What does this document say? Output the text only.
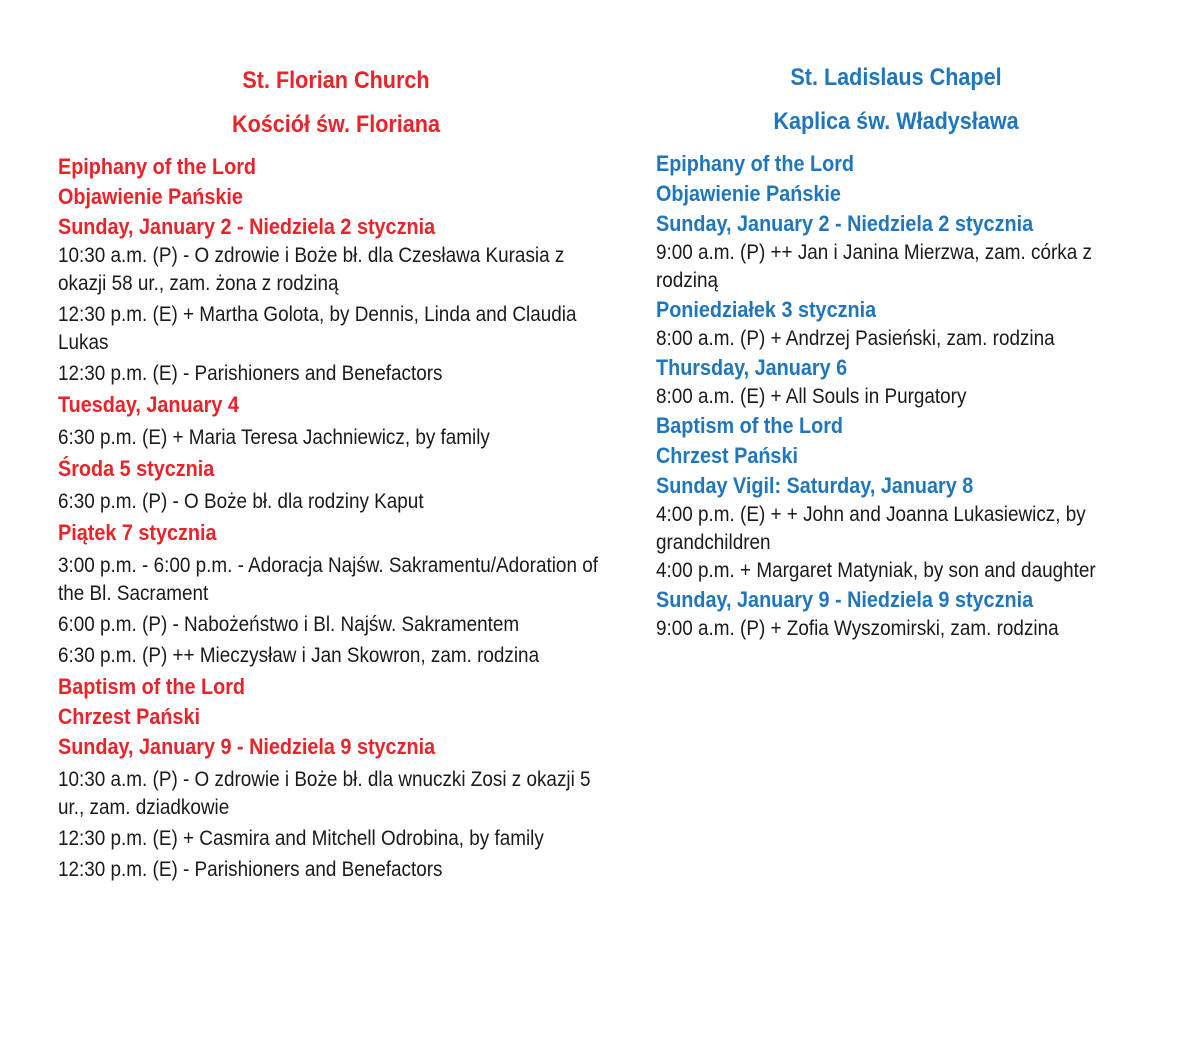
St. Florian Church
Kościół św. Floriana
Epiphany of the Lord
Objawienie Pańskie
Sunday, January 2 - Niedziela 2 stycznia
10:30 a.m. (P) - O zdrowie i Boże bł. dla Czesława Kurasia z okazji 58 ur., zam. żona z rodziną
12:30 p.m. (E) + Martha Golota, by Dennis, Linda and Claudia Lukas
12:30 p.m. (E) - Parishioners and Benefactors
Tuesday, January 4
6:30 p.m. (E) + Maria Teresa Jachniewicz, by family
Środa 5 stycznia
6:30 p.m. (P) - O Boże bł. dla rodziny Kaput
Piątek 7 stycznia
3:00 p.m. - 6:00 p.m. - Adoracja Najśw. Sakramentu/Adoration of the Bl. Sacrament
6:00 p.m. (P) - Nabożeństwo i Bl. Najśw. Sakramentem
6:30 p.m. (P) ++ Mieczysław i Jan Skowron, zam. rodzina
Baptism of the Lord
Chrzest Pański
Sunday, January 9 - Niedziela 9 stycznia
10:30 a.m. (P) - O zdrowie i Boże bł. dla wnuczki Zosi z okazji 5 ur., zam. dziadkowie
12:30 p.m. (E) + Casmira and Mitchell Odrobina, by family
12:30 p.m. (E) - Parishioners and Benefactors
St. Ladislaus Chapel
Kaplica św. Władysława
Epiphany of the Lord
Objawienie Pańskie
Sunday, January 2 - Niedziela 2 stycznia
9:00 a.m. (P) ++ Jan i Janina Mierzwa, zam. córka z rodziną
Poniedziałek 3 stycznia
8:00 a.m. (P) + Andrzej Pasieński, zam. rodzina
Thursday, January 6
8:00 a.m. (E) + All Souls in Purgatory
Baptism of the Lord
Chrzest Pański
Sunday Vigil: Saturday, January 8
4:00 p.m. (E) + + John and Joanna Lukasiewicz, by grandchildren
4:00 p.m. + Margaret Matyniak, by son and daughter
Sunday, January 9 - Niedziela 9 stycznia
9:00 a.m. (P) + Zofia Wyszomirski, zam. rodzina
